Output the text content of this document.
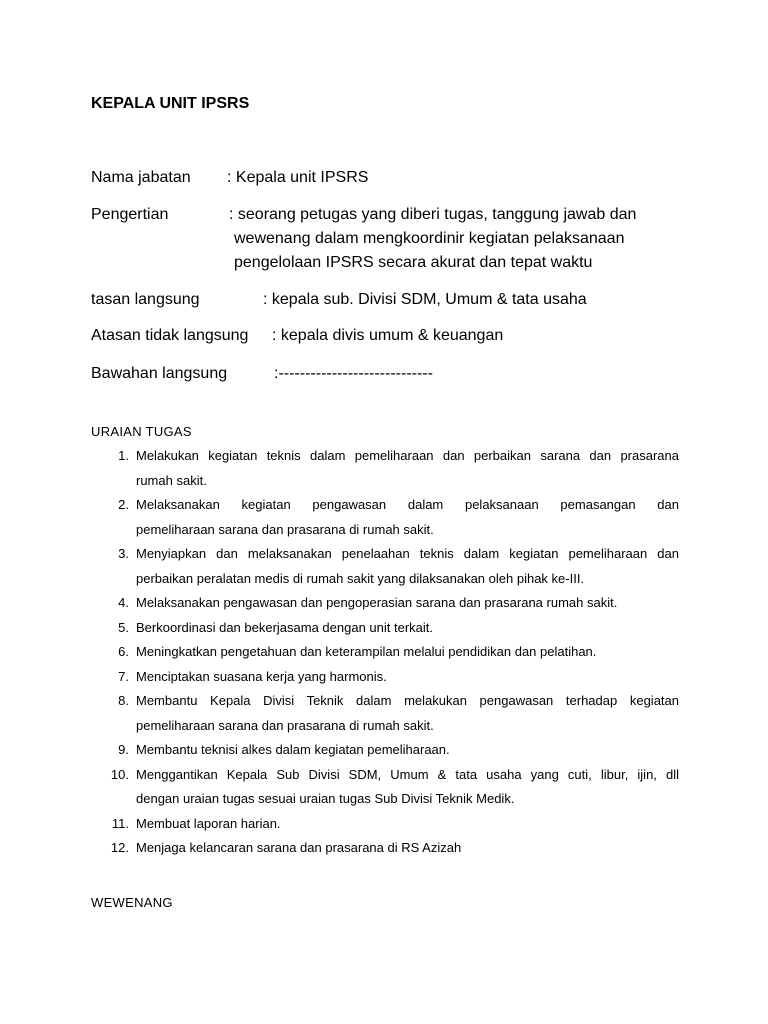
KEPALA UNIT IPSRS
Nama jabatan : Kepala unit IPSRS
Pengertian	: seorang petugas yang diberi tugas, tanggung jawab dan
wewenang dalam mengkoordinir kegiatan pelaksanaan
pengelolaan IPSRS secara akurat dan tepat waktu
tasan langsung	: kepala sub. Divisi SDM, Umum & tata usaha
Atasan tidak langsung : kepala divis umum & keuangan
Bawahan langsung	:-----------------------------
URAIAN TUGAS
1. Melakukan kegiatan teknis dalam pemeliharaan dan perbaikan sarana dan prasarana
rumah sakit.
2. Melaksanakan kegiatan pengawasan dalam pelaksanaan pemasangan dan
pemeliharaan sarana dan prasarana di rumah sakit.
3. Menyiapkan dan melaksanakan penelaahan teknis dalam kegiatan pemeliharaan dan
perbaikan peralatan medis di rumah sakit yang dilaksanakan oleh pihak ke-III.
4. Melaksanakan pengawasan dan pengoperasian sarana dan prasarana rumah sakit.
5. Berkoordinasi dan bekerjasama dengan unit terkait.
6. Meningkatkan pengetahuan dan keterampilan melalui pendidikan dan pelatihan.
7. Menciptakan suasana kerja yang harmonis.
8. Membantu Kepala Divisi Teknik dalam melakukan pengawasan terhadap kegiatan
pemeliharaan sarana dan prasarana di rumah sakit.
9. Membantu teknisi alkes dalam kegiatan pemeliharaan.
10. Menggantikan Kepala Sub Divisi SDM, Umum & tata usaha yang cuti, libur, ijin, dll
dengan uraian tugas sesuai uraian tugas Sub Divisi Teknik Medik.
11. Membuat laporan harian.
12. Menjaga kelancaran sarana dan prasarana di RS Azizah
WEWENANG
